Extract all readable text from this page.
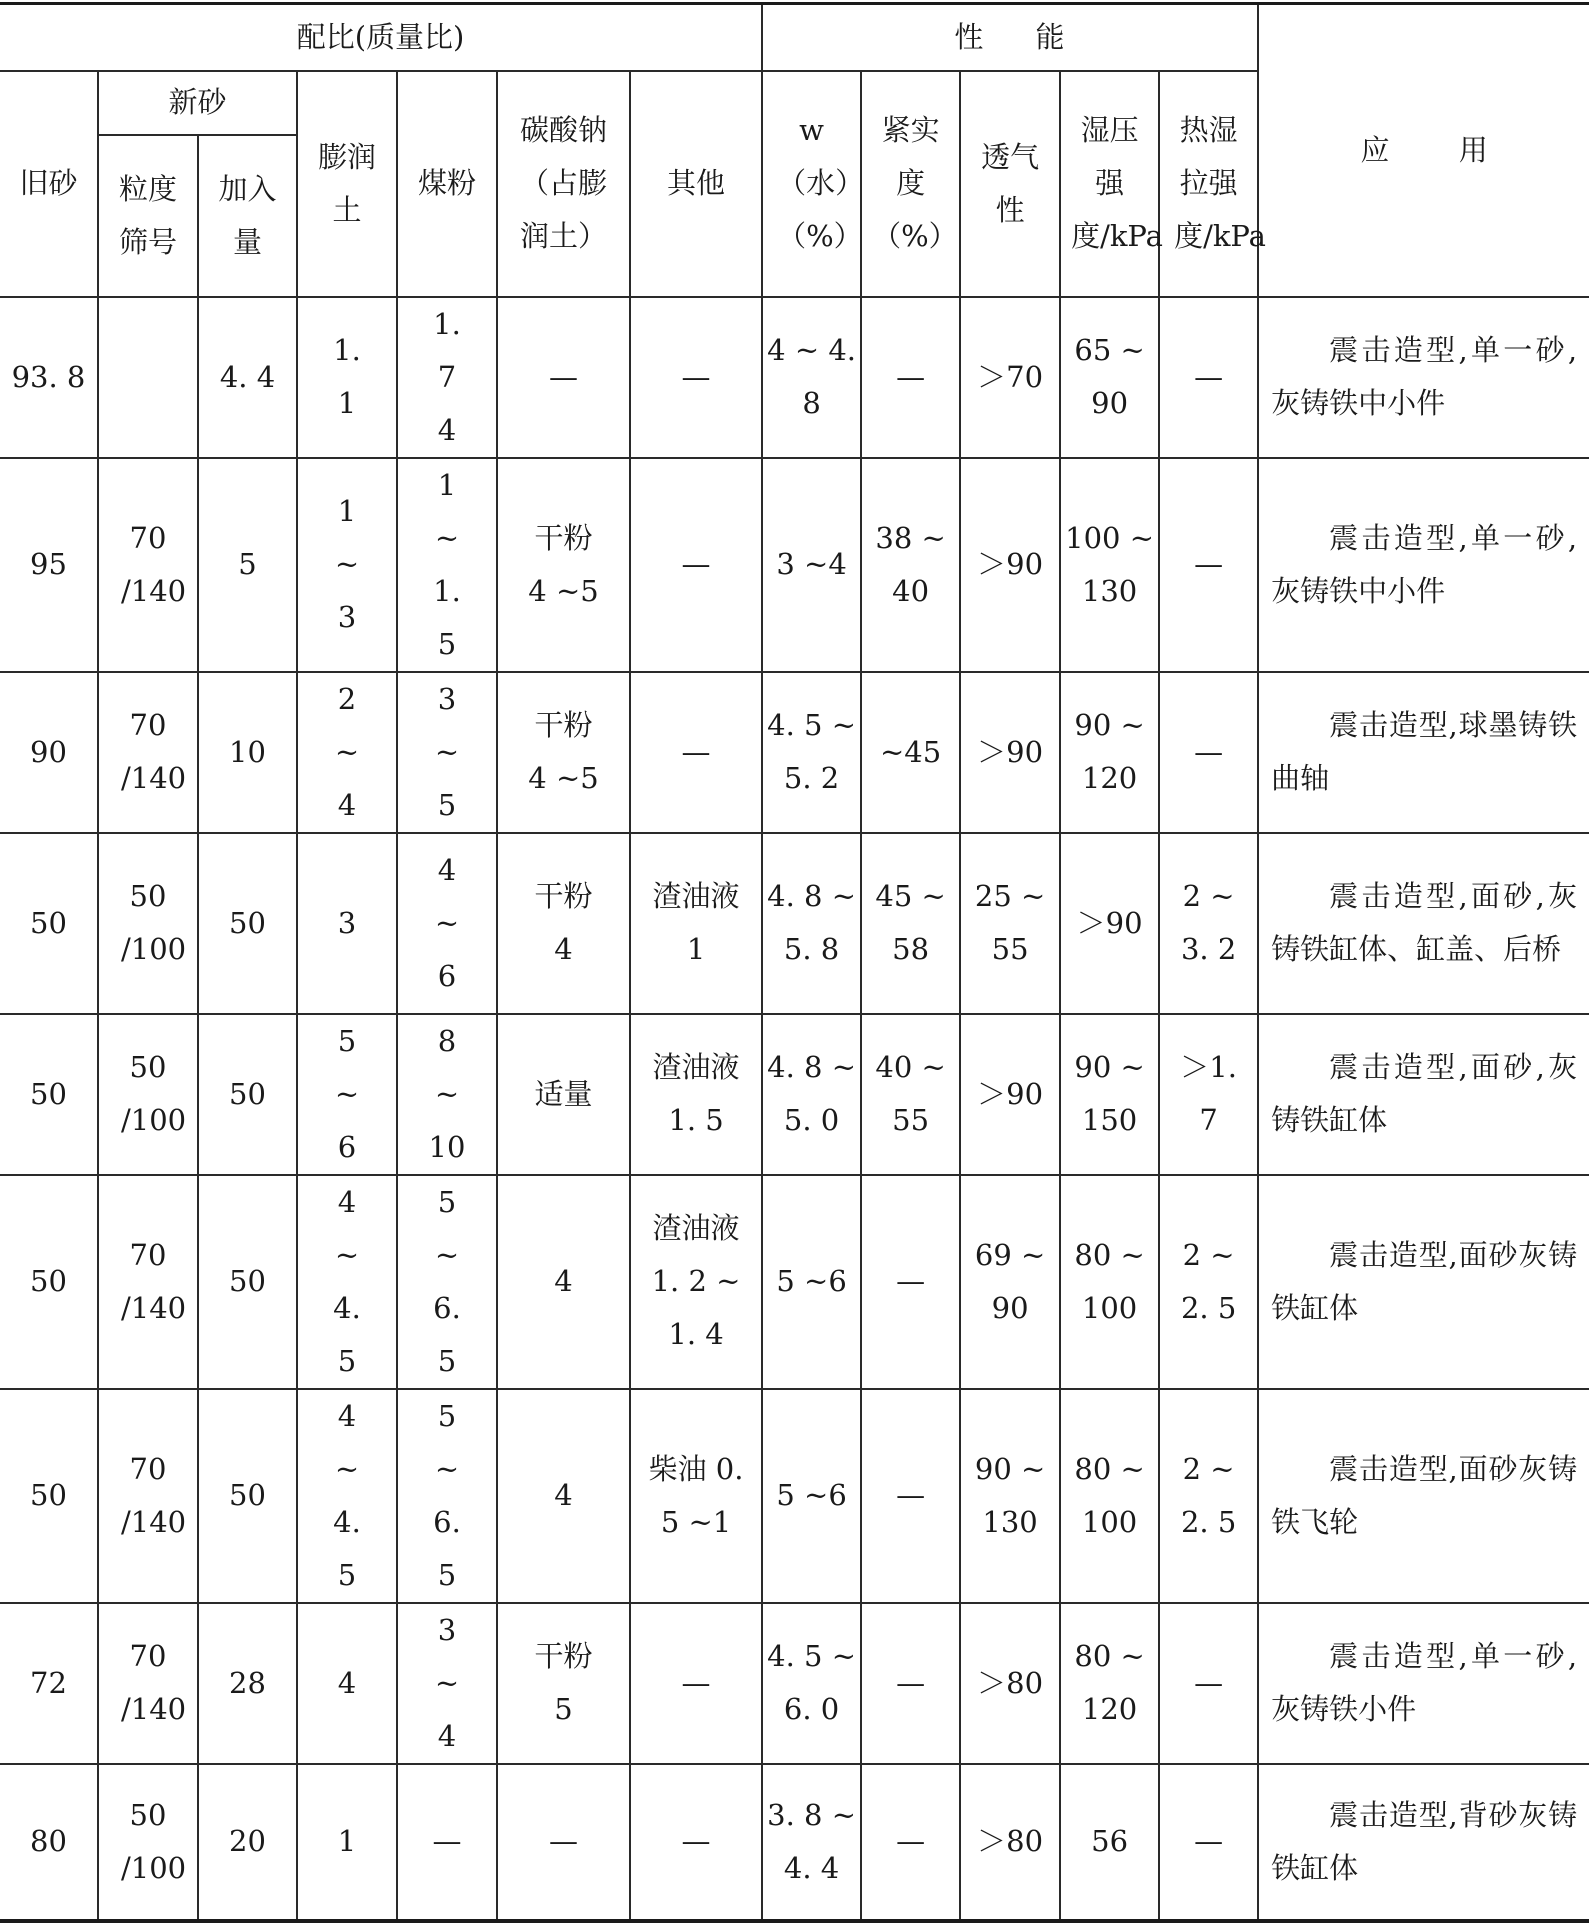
配比(质量比)							性 能					应 用
旧砂	新砂		膨润土	煤粉	碳酸钠（占膨润土）	其他	w（水）（%）	紧实度（%）	透气性	湿压强度/kPa	热湿拉强度/kPa	
	粒度筛号	加入量										
93. 8		4. 4	1. 1	1. 7 4	—	—	4 ~ 4. 8	—	＞70	65 ~ 90	—	震击造型,单一砂,灰铸铁中小件
95	70 /140	5	1 ~ 3	1 ~ 1. 5	干粉 4 ~5	—	3 ~4	38 ~ 40	＞90	100 ~ 130	—	震击造型,单一砂,灰铸铁中小件
90	70 /140	10	2 ~ 4	3 ~ 5	干粉 4 ~5	—	4. 5 ~ 5. 2	~45	＞90	90 ~ 120	—	震击造型,球墨铸铁曲轴
50	50 /100	50	3	4 ~ 6	干粉 4	渣油液 1	4. 8 ~ 5. 8	45 ~ 58	25 ~ 55	＞90	2 ~ 3. 2	震击造型,面砂,灰铸铁缸体、缸盖、后桥
50	50 /100	50	5 ~ 6	8 ~ 10	适量	渣油液 1. 5	4. 8 ~ 5. 0	40 ~ 55	＞90	90 ~ 150	＞1. 7	震击造型,面砂,灰铸铁缸体
50	70 /140	50	4 ~ 4. 5	5 ~ 6. 5	4	渣油液 1. 2 ~ 1. 4	5 ~6	—	69 ~ 90	80 ~ 100	2 ~ 2. 5	震击造型,面砂灰铸铁缸体
50	70 /140	50	4 ~ 4. 5	5 ~ 6. 5	4	柴油 0. 5 ~1	5 ~6	—	90 ~ 130	80 ~ 100	2 ~ 2. 5	震击造型,面砂灰铸铁飞轮
72	70 /140	28	4	3 ~ 4	干粉 5	—	4. 5 ~ 6. 0	—	＞80	80 ~ 120	—	震击造型,单一砂,灰铸铁小件
80	50 /100	20	1	—	—	—	3. 8 ~ 4. 4	—	＞80	56	—	震击造型,背砂灰铸铁缸体
